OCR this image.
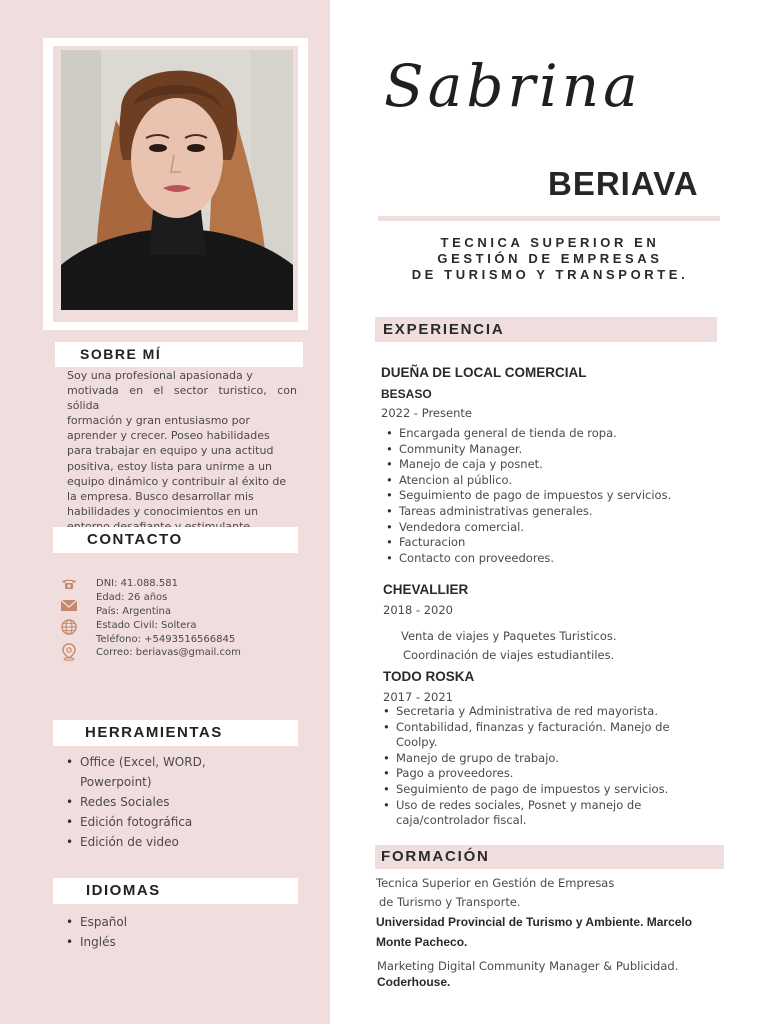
SOBRE MÍ
Soy una profesional apasionada y
motivada en el sector turistico, con sólida
formación y gran entusiasmo por
aprender y crecer. Poseo habilidades
para trabajar en equipo y una actitud
positiva, estoy lista para unirme a un
equipo dinámico y contribuir al éxito de
la empresa. Busco desarrollar mis
habilidades y conocimientos en un
CONTACTO
DNI: 41.088.581
Edad: 26 años
País: Argentina
Estado Civil: Soltera
Teléfono: +5493516566845
Correo: beriavas@gmail.com
HERRAMIENTAS
• Office (Excel, WORD, Powerpoint)
• Redes Sociales
• Edición fotográfica
• Edición de video
IDIOMAS
• Español
• Inglés
Sabrina
BERIAVA
TECNICA SUPERIOR EN
GESTIÓN DE EMPRESAS
DE TURISMO Y TRANSPORTE.
EXPERIENCIA
DUEÑA DE LOCAL COMERCIAL
BESASO
2022 - Presente
• Encargada general de tienda de ropa.
• Community Manager.
• Manejo de caja y posnet.
• Atencion al público.
• Seguimiento de pago de impuestos y servicios.
• Tareas administrativas generales.
• Vendedora comercial.
• Facturacion
• Contacto con proveedores.
CHEVALLIER
2018 - 2020
Venta de viajes y Paquetes Turisticos.
Coordinación de viajes estudiantiles.
TODO ROSKA
2017 - 2021
• Secretaria y Administrativa de red mayorista.
• Contabilidad, finanzas y facturación. Manejo de Coolpy.
• Manejo de grupo de trabajo.
• Pago a proveedores.
• Seguimiento de pago de impuestos y servicios.
• Uso de redes sociales, Posnet y manejo de caja/controlador fiscal.
FORMACIÓN
Tecnica Superior en Gestión de Empresas
de Turismo y Transporte.
Universidad Provincial de Turismo y Ambiente. Marcelo Monte Pacheco.
Marketing Digital Community Manager & Publicidad.
Coderhouse.
